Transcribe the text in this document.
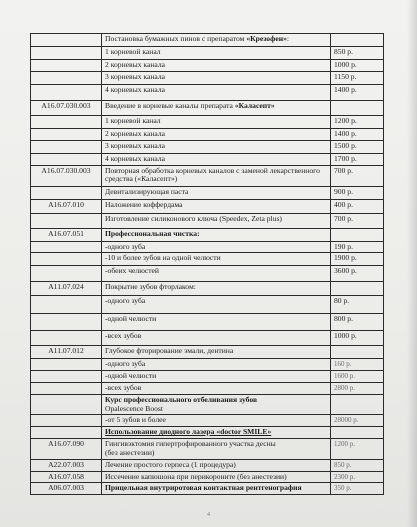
	Постановка бумажных пинов с препаратом «Крезофен»:	
	1 корневой канал	850 р.
	2 корневых канала	1000 р.
	3 корневых канала	1150 р.
	4 корневых канала	1400 р.
A16.07.030.003	Введение в корневые каналы препарата «Каласепт»	
	1 корневой канал	1200 р.
	2 корневых канала	1400 р.
	3 корневых канала	1500 р.
	4 корневых канала	1700 р.
A16.07.030.003	Повторная обработка корневых каналов с заменой лекарственного средства («Каласепт»)	700 р.
	Девитализирующая паста	900 р.
A16.07.010	Наложение коффердама	400 р.
	Изготовление силиконового ключа (Speedex, Zeta plus)	700 р.
A16.07.051	Профессиональная чистка:	
	-одного зуба	190 р.
	-10 и более зубов на одной челюсти	1900 р.
	-обеих челюстей	3600 р.
A11.07.024	Покрытие зубов фторлаком:	
	-одного зуба	80 р.
	-одной челюсти	800 р.
	-всех зубов	1000 р.
A11.07.012	Глубокое фторирование эмали, дентина	
	-одного зуба	160 р.
	-одной челюсти	1600 р.
	-всех зубов	2800 р.
	Курс профессионального отбеливания зубов
Opalescence Boost	
	-от 5 зубов и более	28000 р.
	Использование диодного лазера «doctor SMILE»	
A16.07.090	Гингивэктомия гипертрофированного участка десны
(без анестезии)	1200 р.
A22.07.003	Лечение простого герпеса (1 процедура)	850 р.
A16.07.058	Иссечение капюшона при перикороните (без анестезии)	2300 р.
A06.07.003	Прицельная внутриротовая контактная рентгенография	350 р.
4
